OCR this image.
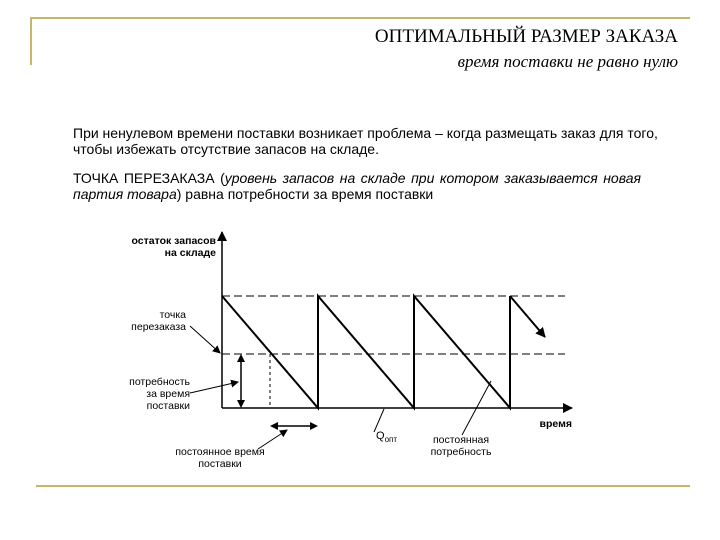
ОПТИМАЛЬНЫЙ РАЗМЕР ЗАКАЗА
время поставки не равно нулю
При ненулевом времени поставки возникает проблема – когда размещать заказ для того, чтобы избежать отсутствие запасов на складе.
ТОЧКА ПЕРЕЗАКАЗА (уровень запасов на складе при котором заказывается новая партия товара) равна потребности за время поставки
остаток запасов на складе
время
точка перезаказа
потребность за время поставки
постоянное время поставки
$Q_{опт}$	постоянная потребность
